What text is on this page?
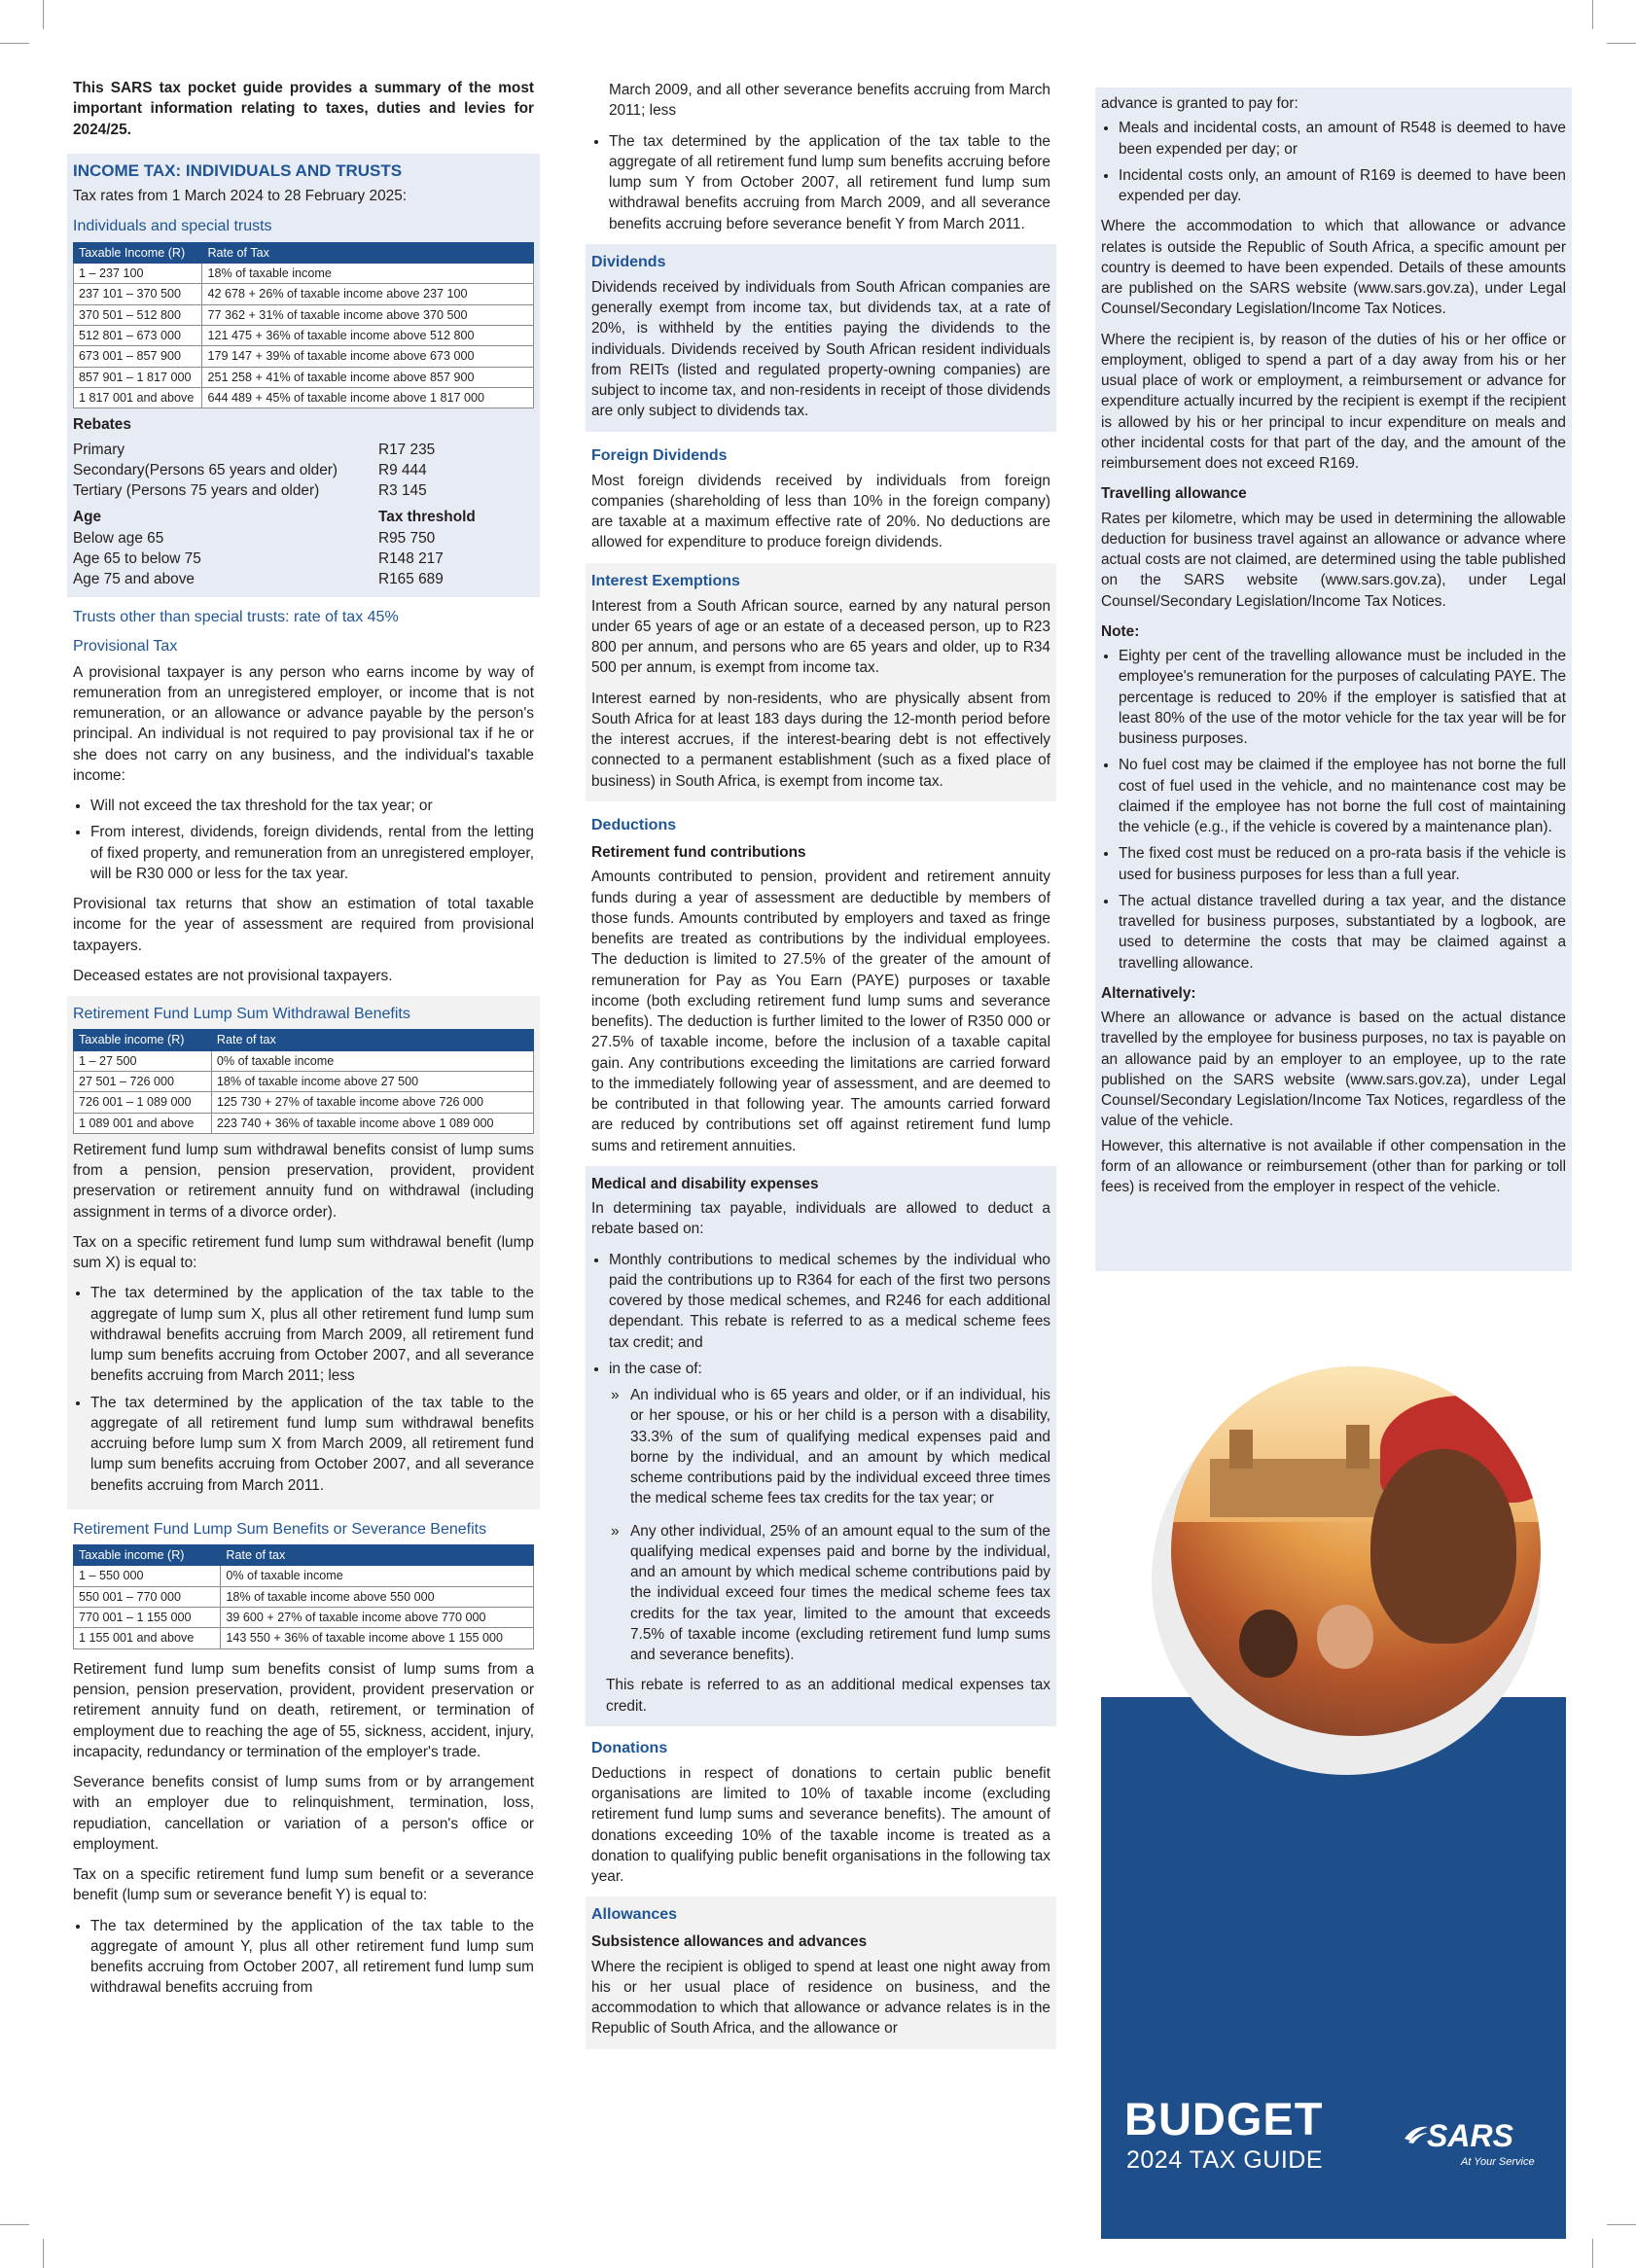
This SARS tax pocket guide provides a summary of the most important information relating to taxes, duties and levies for 2024/25.

INCOME TAX: INDIVIDUALS AND TRUSTS

Tax rates from 1 March 2024 to 28 February 2025:

Individuals and special trusts
Taxable Income (R)	Rate of Tax
1 – 237 100	18% of taxable income
237 101 – 370 500	42 678 + 26% of taxable income above 237 100
370 501 – 512 800	77 362 + 31% of taxable income above 370 500
512 801 – 673 000	121 475 + 36% of taxable income above 512 800
673 001 – 857 900	179 147 + 39% of taxable income above 673 000
857 901 – 1 817 000	251 258 + 41% of taxable income above 857 900
1 817 001 and above	644 489 + 45% of taxable income above 1 817 000
Rebates
Primary	R17 235
Secondary(Persons 65 years and older)	R9 444
Tertiary (Persons 75 years and older)	R3 145
Age	Tax threshold
Below age 65	R95 750
Age 65 to below 75	R148 217
Age 75 and above	R165 689
Trusts other than special trusts: rate of tax 45%
Provisional Tax

A provisional taxpayer is any person who earns income by way of remuneration from an unregistered employer, or income that is not remuneration, or an allowance or advance payable by the person's principal. An individual is not required to pay provisional tax if he or she does not carry on any business, and the individual's taxable income:

• Will not exceed the tax threshold for the tax year; or
• From interest, dividends, foreign dividends, rental from the letting of fixed property, and remuneration from an unregistered employer, will be R30 000 or less for the tax year.

Provisional tax returns that show an estimation of total taxable income for the year of assessment are required from provisional taxpayers.

Deceased estates are not provisional taxpayers.

Retirement Fund Lump Sum Withdrawal Benefits
Taxable income (R)	Rate of tax
1 – 27 500	0% of taxable income
27 501 – 726 000	18% of taxable income above 27 500
726 001 – 1 089 000	125 730 + 27% of taxable income above 726 000
1 089 001 and above	223 740 + 36% of taxable income above 1 089 000

Retirement fund lump sum withdrawal benefits consist of lump sums from a pension, pension preservation, provident, provident preservation or retirement annuity fund on withdrawal (including assignment in terms of a divorce order).

Tax on a specific retirement fund lump sum withdrawal benefit (lump sum X) is equal to:

• The tax determined by the application of the tax table to the aggregate of lump sum X, plus all other retirement fund lump sum withdrawal benefits accruing from March 2009, all retirement fund lump sum benefits accruing from October 2007, and all severance benefits accruing from March 2011; less
• The tax determined by the application of the tax table to the aggregate of all retirement fund lump sum withdrawal benefits accruing before lump sum X from March 2009, all retirement fund lump sum benefits accruing from October 2007, and all severance benefits accruing from March 2011.
Retirement Fund Lump Sum Benefits or Severance Benefits
Taxable income (R)	Rate of tax
1 – 550 000	0% of taxable income
550 001 – 770 000	18% of taxable income above 550 000
770 001 – 1 155 000	39 600 + 27% of taxable income above 770 000
1 155 001 and above	143 550 + 36% of taxable income above 1 155 000

Retirement fund lump sum benefits consist of lump sums from a pension, pension preservation, provident, provident preservation or retirement annuity fund on death, retirement, or termination of employment due to reaching the age of 55, sickness, accident, injury, incapacity, redundancy or termination of the employer's trade.

Severance benefits consist of lump sums from or by arrangement with an employer due to relinquishment, termination, loss, repudiation, cancellation or variation of a person's office or employment.

Tax on a specific retirement fund lump sum benefit or a severance benefit (lump sum or severance benefit Y) is equal to:

• The tax determined by the application of the tax table to the aggregate of amount Y, plus all other retirement fund lump sum benefits accruing from October 2007, all retirement fund lump sum withdrawal benefits accruing from

March 2009, and all other severance benefits accruing from March 2011; less

• The tax determined by the application of the tax table to the aggregate of all retirement fund lump sum benefits accruing before lump sum Y from October 2007, all retirement fund lump sum withdrawal benefits accruing from March 2009, and all severance benefits accruing before severance benefit Y from March 2011.
Dividends

Dividends received by individuals from South African companies are generally exempt from income tax, but dividends tax, at a rate of 20%, is withheld by the entities paying the dividends to the individuals. Dividends received by South African resident individuals from REITs (listed and regulated property-owning companies) are subject to income tax, and non-residents in receipt of those dividends are only subject to dividends tax.

Foreign Dividends

Most foreign dividends received by individuals from foreign companies (shareholding of less than 10% in the foreign company) are taxable at a maximum effective rate of 20%. No deductions are allowed for expenditure to produce foreign dividends.

Interest Exemptions

Interest from a South African source, earned by any natural person under 65 years of age or an estate of a deceased person, up to R23 800 per annum, and persons who are 65 years and older, up to R34 500 per annum, is exempt from income tax.

Interest earned by non-residents, who are physically absent from South Africa for at least 183 days during the 12-month period before the interest accrues, if the interest-bearing debt is not effectively connected to a permanent establishment (such as a fixed place of business) in South Africa, is exempt from income tax.

Deductions
Retirement fund contributions

Amounts contributed to pension, provident and retirement annuity funds during a year of assessment are deductible by members of those funds. Amounts contributed by employers and taxed as fringe benefits are treated as contributions by the individual employees. The deduction is limited to 27.5% of the greater of the amount of remuneration for Pay as You Earn (PAYE) purposes or taxable income (both excluding retirement fund lump sums and severance benefits). The deduction is further limited to the lower of R350 000 or 27.5% of taxable income, before the inclusion of a taxable capital gain. Any contributions exceeding the limitations are carried forward to the immediately following year of assessment, and are deemed to be contributed in that following year. The amounts carried forward are reduced by contributions set off against retirement fund lump sums and retirement annuities.

Medical and disability expenses

In determining tax payable, individuals are allowed to deduct a rebate based on:

• Monthly contributions to medical schemes by the individual who paid the contributions up to R364 for each of the first two persons covered by those medical schemes, and R246 for each additional dependant. This rebate is referred to as a medical scheme fees tax credit; and
• in the case of:
» An individual who is 65 years and older, or if an individual, his or her spouse, or his or her child is a person with a disability, 33.3% of the sum of qualifying medical expenses paid and borne by the individual, and an amount by which medical scheme contributions paid by the individual exceed three times the medical scheme fees tax credits for the tax year; or
» Any other individual, 25% of an amount equal to the sum of the qualifying medical expenses paid and borne by the individual, and an amount by which medical scheme contributions paid by the individual exceed four times the medical scheme fees tax credits for the tax year, limited to the amount that exceeds 7.5% of taxable income (excluding retirement fund lump sums and severance benefits).

This rebate is referred to as an additional medical expenses tax credit.

Donations

Deductions in respect of donations to certain public benefit organisations are limited to 10% of taxable income (excluding retirement fund lump sums and severance benefits). The amount of donations exceeding 10% of the taxable income is treated as a donation to qualifying public benefit organisations in the following tax year.

Allowances
Subsistence allowances and advances

Where the recipient is obliged to spend at least one night away from his or her usual place of residence on business, and the accommodation to which that allowance or advance relates is in the Republic of South Africa, and the allowance or

advance is granted to pay for:

• Meals and incidental costs, an amount of R548 is deemed to have been expended per day; or
• Incidental costs only, an amount of R169 is deemed to have been expended per day.

Where the accommodation to which that allowance or advance relates is outside the Republic of South Africa, a specific amount per country is deemed to have been expended. Details of these amounts are published on the SARS website (www.sars.gov.za), under Legal Counsel/Secondary Legislation/Income Tax Notices.

Where the recipient is, by reason of the duties of his or her office or employment, obliged to spend a part of a day away from his or her usual place of work or employment, a reimbursement or advance for expenditure actually incurred by the recipient is exempt if the recipient is allowed by his or her principal to incur expenditure on meals and other incidental costs for that part of the day, and the amount of the reimbursement does not exceed R169.

Travelling allowance

Rates per kilometre, which may be used in determining the allowable deduction for business travel against an allowance or advance where actual costs are not claimed, are determined using the table published on the SARS website (www.sars.gov.za), under Legal Counsel/Secondary Legislation/Income Tax Notices.

Note:
• Eighty per cent of the travelling allowance must be included in the employee's remuneration for the purposes of calculating PAYE. The percentage is reduced to 20% if the employer is satisfied that at least 80% of the use of the motor vehicle for the tax year will be for business purposes.
• No fuel cost may be claimed if the employee has not borne the full cost of fuel used in the vehicle, and no maintenance cost may be claimed if the employee has not borne the full cost of maintaining the vehicle (e.g., if the vehicle is covered by a maintenance plan).
• The fixed cost must be reduced on a pro-rata basis if the vehicle is used for business purposes for less than a full year.
• The actual distance travelled during a tax year, and the distance travelled for business purposes, substantiated by a logbook, are used to determine the costs that may be claimed against a travelling allowance.
Alternatively:

Where an allowance or advance is based on the actual distance travelled by the employee for business purposes, no tax is payable on an allowance paid by an employer to an employee, up to the rate published on the SARS website (www.sars.gov.za), under Legal Counsel/Secondary Legislation/Income Tax Notices, regardless of the value of the vehicle.

However, this alternative is not available if other compensation in the form of an allowance or reimbursement (other than for parking or toll fees) is received from the employer in respect of the vehicle.

BUDGET
2024 TAX GUIDE
SARS
At Your Service
